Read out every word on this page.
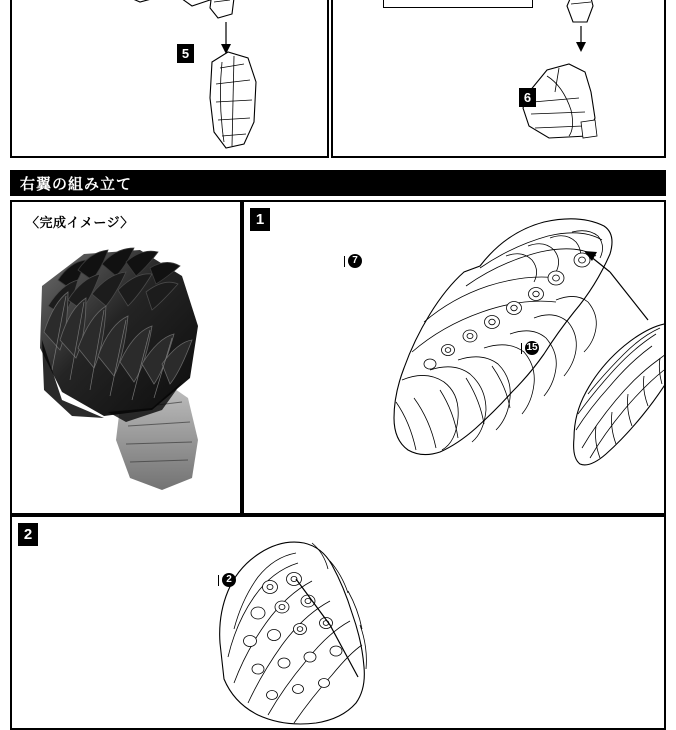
5
6
右翼の組み立て
〈完成イメージ〉	1
7
15
2
2
